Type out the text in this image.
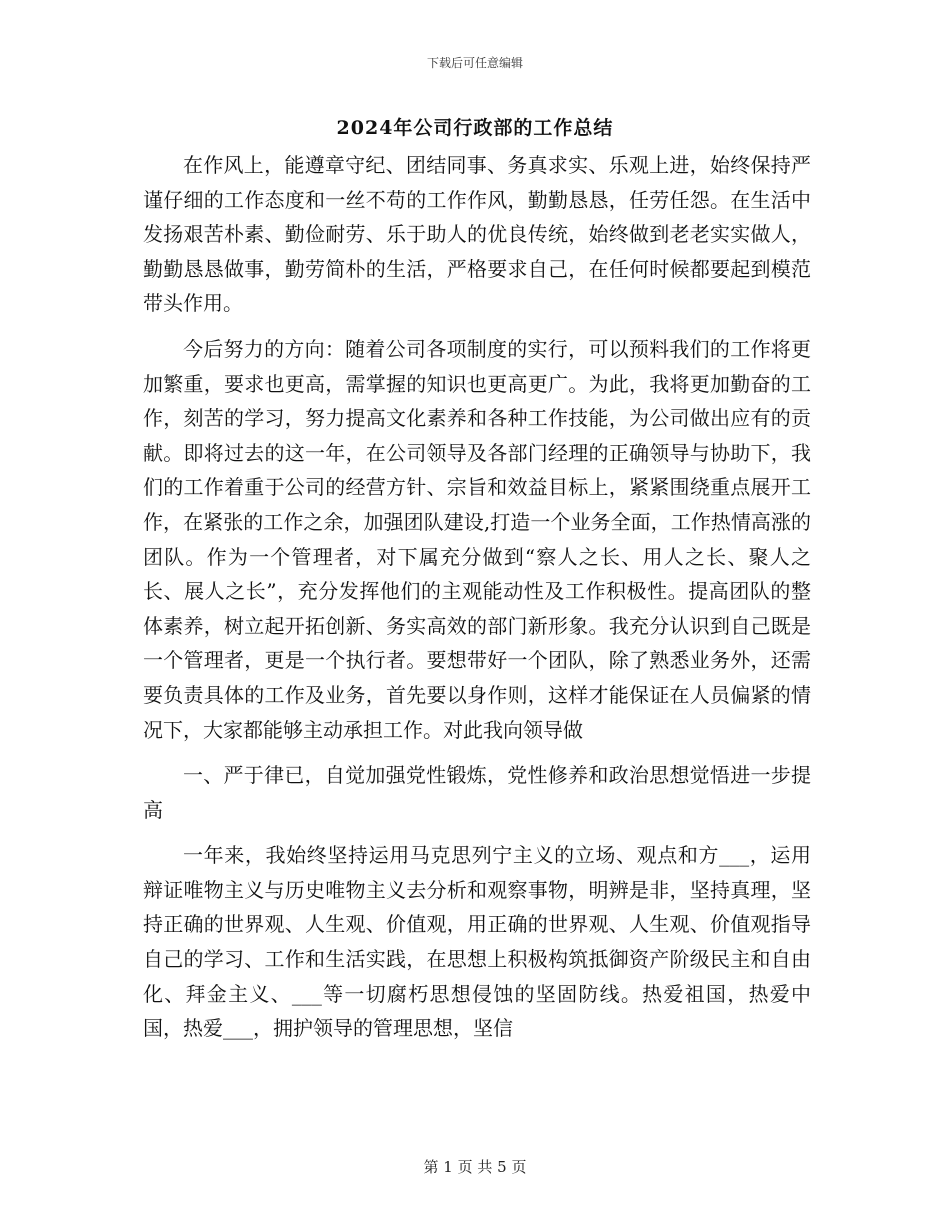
下载后可任意编辑
2024年公司行政部的工作总结

在作风上，能遵章守纪、团结同事、务真求实、乐观上进，始终保持严谨仔细的工作态度和一丝不苟的工作作风，勤勤恳恳，任劳任怨。在生活中发扬艰苦朴素、勤俭耐劳、乐于助人的优良传统，始终做到老老实实做人，勤勤恳恳做事，勤劳简朴的生活，严格要求自己，在任何时候都要起到模范带头作用。

今后努力的方向：随着公司各项制度的实行，可以预料我们的工作将更加繁重，要求也更高，需掌握的知识也更高更广。为此，我将更加勤奋的工作，刻苦的学习，努力提高文化素养和各种工作技能，为公司做出应有的贡献。即将过去的这一年，在公司领导及各部门经理的正确领导与协助下，我们的工作着重于公司的经营方针、宗旨和效益目标上，紧紧围绕重点展开工作，在紧张的工作之余，加强团队建设,打造一个业务全面，工作热情高涨的团队。作为一个管理者，对下属充分做到“察人之长、用人之长、聚人之长、展人之长”，充分发挥他们的主观能动性及工作积极性。提高团队的整体素养，树立起开拓创新、务实高效的部门新形象。我充分认识到自己既是一个管理者，更是一个执行者。要想带好一个团队，除了熟悉业务外，还需要负责具体的工作及业务，首先要以身作则，这样才能保证在人员偏紧的情况下，大家都能够主动承担工作。对此我向领导做

一、严于律已，自觉加强党性锻炼，党性修养和政治思想觉悟进一步提高

一年来，我始终坚持运用马克思列宁主义的立场、观点和方___，运用辩证唯物主义与历史唯物主义去分析和观察事物，明辨是非，坚持真理，坚持正确的世界观、人生观、价值观，用正确的世界观、人生观、价值观指导自己的学习、工作和生活实践，在思想上积极构筑抵御资产阶级民主和自由化、拜金主义、___等一切腐朽思想侵蚀的坚固防线。热爱祖国，热爱中国，热爱___，拥护领导的管理思想，坚信

第 1 页 共 5 页
